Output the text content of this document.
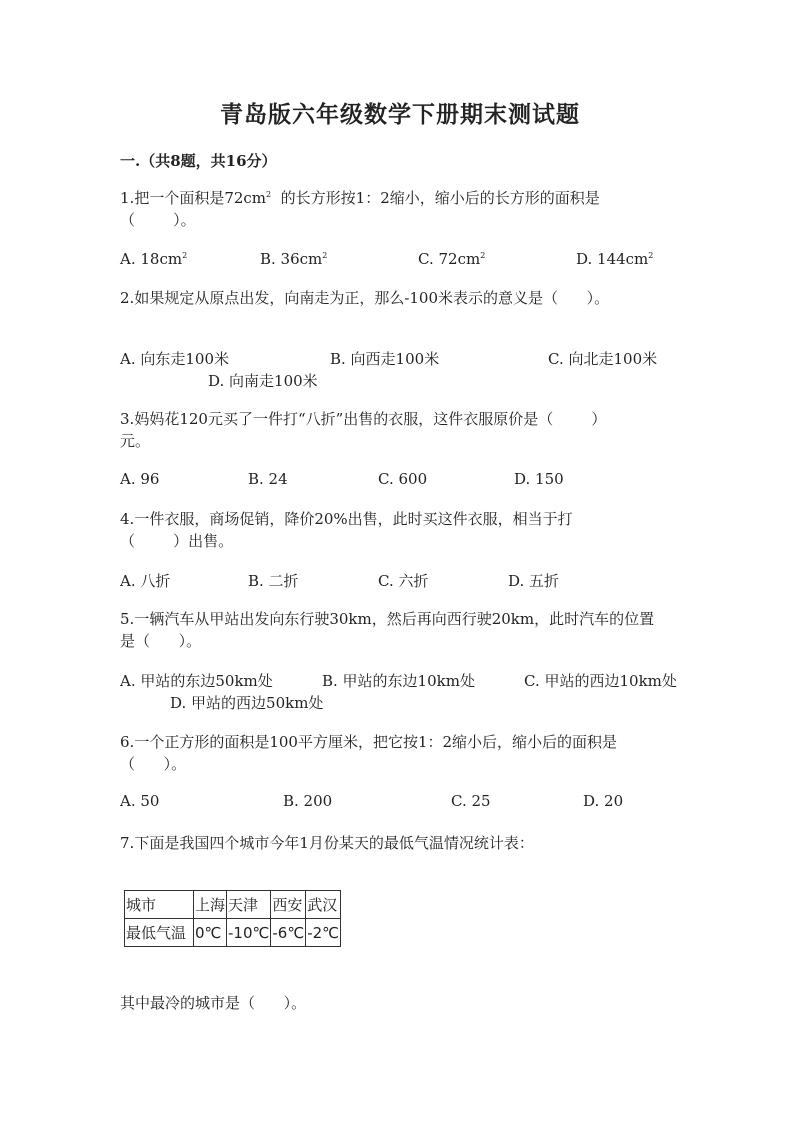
青岛版六年级数学下册期末测试题
一.（共8题，共16分）
1.把一个面积是$72cm^2$  的长方形按1：2缩小，缩小后的长方形的面积是
（        ）。
A. $18cm^2$	B. $36cm^2$	C. $72cm^2$	D. $144cm^2$
2.如果规定从原点出发，向南走为正，那么-100米表示的意义是（      ）。
A. 向东走100米	B. 向西走100米	C. 向北走100米
D. 向南走100米
3.妈妈花120元买了一件打“八折”出售的衣服，这件衣服原价是（        ）
元。
A. 96	B. 24	C. 600	D. 150
4.一件衣服，商场促销，降价20%出售，此时买这件衣服，相当于打
（        ）出售。
A. 八折	B. 二折	C. 六折	D. 五折
5.一辆汽车从甲站出发向东行驶30km，然后再向西行驶20km，此时汽车的位置
是（      ）。
A. 甲站的东边50km处	B. 甲站的东边10km处	C. 甲站的西边10km处
D. 甲站的西边50km处
6.一个正方形的面积是100平方厘米，把它按1：2缩小后，缩小后的面积是
（      ）。
A. 50	B. 200	C. 25	D. 20
7.下面是我国四个城市今年1月份某天的最低气温情况统计表：
城市	上海	天津	西安	武汉
最低气温	0℃	-10℃	-6℃	-2℃
其中最冷的城市是（      ）。
